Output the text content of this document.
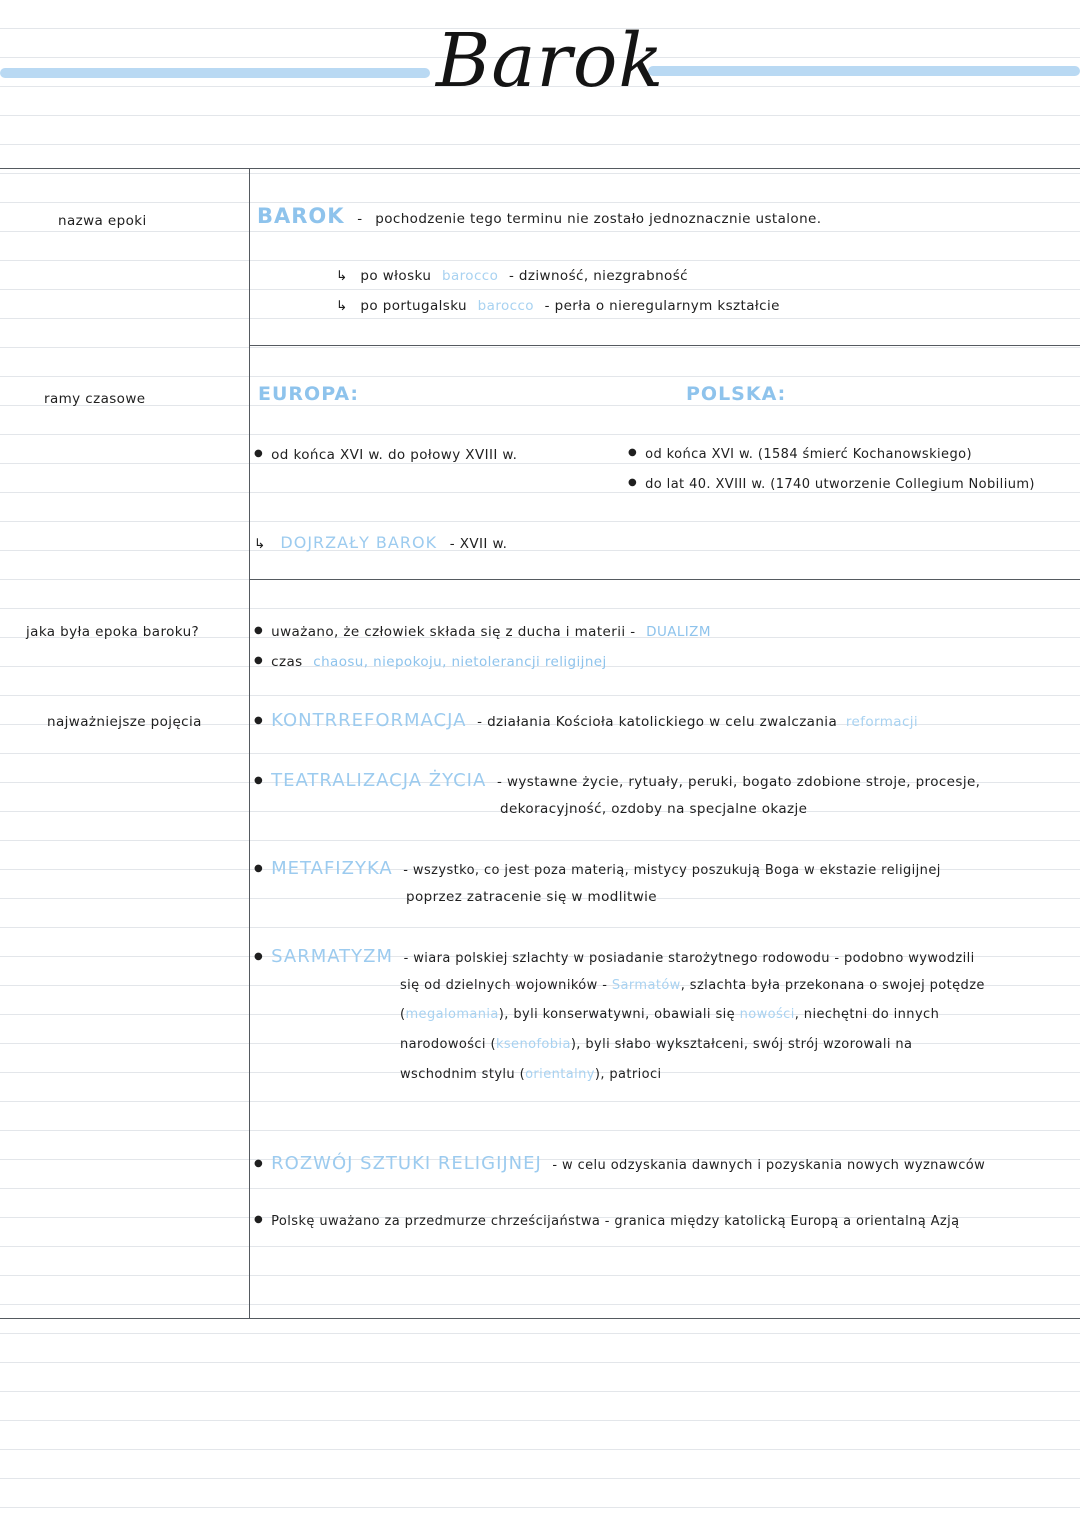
Barok
nazwa epoki
ramy czasowe
jaka była epoka baroku?
najważniejsze pojęcia
BAROK - pochodzenie tego terminu nie zostało jednoznacznie ustalone.
↳ po włosku barocco - dziwność, niezgrabność
↳ po portugalsku barocco - perła o nieregularnym kształcie
EUROPA:	POLSKA:
● od końca XVI w. do połowy XVIII w.	● od końca XVI w. (1584 śmierć Kochanowskiego)
● do lat 40. XVIII w. (1740 utworzenie Collegium Nobilium)
↳ DOJRZAŁY BAROK - XVII w.
● uważano, że człowiek składa się z ducha i materii - DUALIZM
● czas chaosu, niepokoju, nietolerancji religijnej
● KONTRREFORMACJA - działania Kościoła katolickiego w celu zwalczania reformacji
● TEATRALIZACJA ŻYCIA - wystawne życie, rytuały, peruki, bogato zdobione stroje, procesje,
dekoracyjność, ozdoby na specjalne okazje
● METAFIZYKA - wszystko, co jest poza materią, mistycy poszukują Boga w ekstazie religijnej
poprzez zatracenie się w modlitwie
● SARMATYZM - wiara polskiej szlachty w posiadanie starożytnego rodowodu - podobno wywodzili
się od dzielnych wojowników - Sarmatów, szlachta była przekonana o swojej potędze
(megalomania), byli konserwatywni, obawiali się nowości, niechętni do innych
narodowości (ksenofobia), byli słabo wykształceni, swój strój wzorowali na
wschodnim stylu (orientalny), patrioci
● ROZWÓJ SZTUKI RELIGIJNEJ - w celu odzyskania dawnych i pozyskania nowych wyznawców
● Polskę uważano za przedmurze chrześcijaństwa - granica między katolicką Europą a orientalną Azją
